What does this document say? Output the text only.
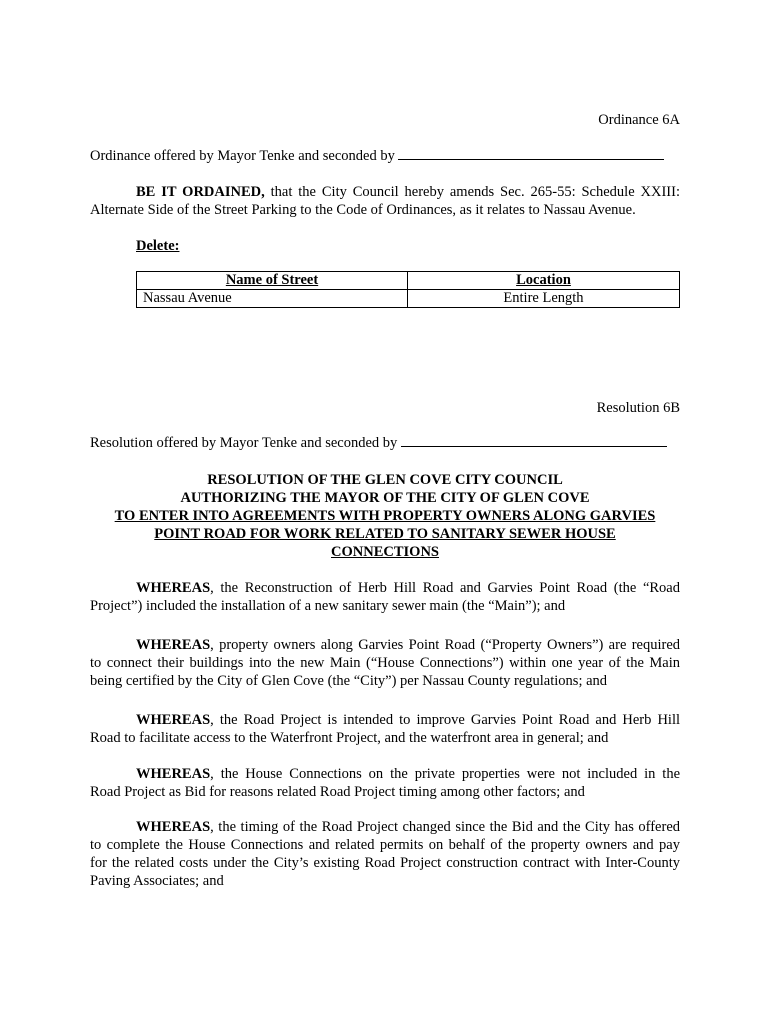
Ordinance 6A
Ordinance offered by Mayor Tenke and seconded by
BE IT ORDAINED, that the City Council hereby amends Sec. 265-55: Schedule XXIII:
Alternate Side of the Street Parking to the Code of Ordinances, as it relates to Nassau Avenue.
Delete:
Name of Street	Location
Nassau Avenue	Entire Length
Resolution 6B
Resolution offered by Mayor Tenke and seconded by
RESOLUTION OF THE GLEN COVE CITY COUNCIL
AUTHORIZING THE MAYOR OF THE CITY OF GLEN COVE
TO ENTER INTO AGREEMENTS WITH PROPERTY OWNERS ALONG GARVIES
POINT ROAD FOR WORK RELATED TO SANITARY SEWER HOUSE
CONNECTIONS
WHEREAS, the Reconstruction of Herb Hill Road and Garvies Point Road (the “Road
Project”) included the installation of a new sanitary sewer main (the “Main”); and
WHEREAS, property owners along Garvies Point Road (“Property Owners”) are required
to connect their buildings into the new Main (“House Connections”) within one year of the Main
being certified by the City of Glen Cove (the “City”) per Nassau County regulations; and
WHEREAS, the Road Project is intended to improve Garvies Point Road and Herb Hill
Road to facilitate access to the Waterfront Project, and the waterfront area in general; and
WHEREAS, the House Connections on the private properties were not included in the
Road Project as Bid for reasons related Road Project timing among other factors; and
WHEREAS, the timing of the Road Project changed since the Bid and the City has offered
to complete the House Connections and related permits on behalf of the property owners and pay
for the related costs under the City’s existing Road Project construction contract with Inter-County
Paving Associates; and
